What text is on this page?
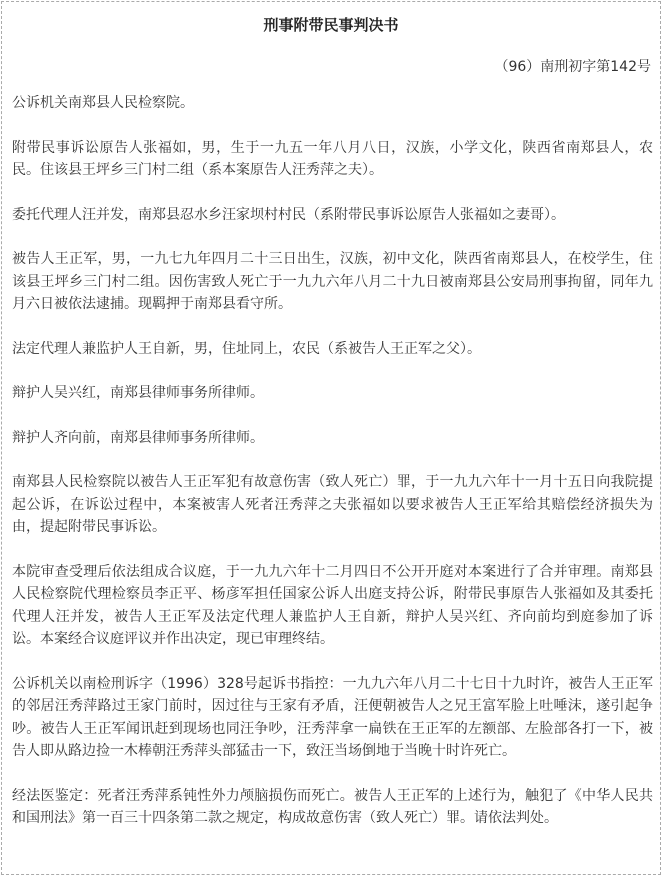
刑事附带民事判决书
（96）南刑初字第142号

公诉机关南郑县人民检察院。

附带民事诉讼原告人张福如，男，生于一九五一年八月八日，汉族，小学文化，陕西省南郑县人，农民。住该县王坪乡三门村二组（系本案原告人汪秀萍之夫）。

委托代理人汪并发，南郑县忍水乡汪家坝村村民（系附带民事诉讼原告人张福如之妻哥）。

被告人王正军，男，一九七九年四月二十三日出生，汉族，初中文化，陕西省南郑县人，在校学生，住该县王坪乡三门村二组。因伤害致人死亡于一九九六年八月二十九日被南郑县公安局刑事拘留，同年九月六日被依法逮捕。现羁押于南郑县看守所。

法定代理人兼监护人王自新，男，住址同上，农民（系被告人王正军之父）。

辩护人吴兴红，南郑县律师事务所律师。

辩护人齐向前，南郑县律师事务所律师。

南郑县人民检察院以被告人王正军犯有故意伤害（致人死亡）罪，于一九九六年十一月十五日向我院提起公诉，在诉讼过程中，本案被害人死者汪秀萍之夫张福如以要求被告人王正军给其赔偿经济损失为由，提起附带民事诉讼。

本院审查受理后依法组成合议庭，于一九九六年十二月四日不公开开庭对本案进行了合并审理。南郑县人民检察院代理检察员李正平、杨彦军担任国家公诉人出庭支持公诉，附带民事原告人张福如及其委托代理人汪并发，被告人王正军及法定代理人兼监护人王自新，辩护人吴兴红、齐向前均到庭参加了诉讼。本案经合议庭评议并作出决定，现已审理终结。

公诉机关以南检刑诉字（1996）328号起诉书指控：一九九六年八月二十七日十九时许，被告人王正军的邻居汪秀萍路过王家门前时，因过往与王家有矛盾，汪便朝被告人之兄王富军脸上吐唾沫，遂引起争吵。被告人王正军闻讯赶到现场也同汪争吵，汪秀萍拿一扁铁在王正军的左额部、左脸部各打一下，被告人即从路边捡一木棒朝汪秀萍头部猛击一下，致汪当场倒地于当晚十时许死亡。

经法医鉴定：死者汪秀萍系钝性外力颅脑损伤而死亡。被告人王正军的上述行为，触犯了《中华人民共和国刑法》第一百三十四条第二款之规定，构成故意伤害（致人死亡）罪。请依法判处。
